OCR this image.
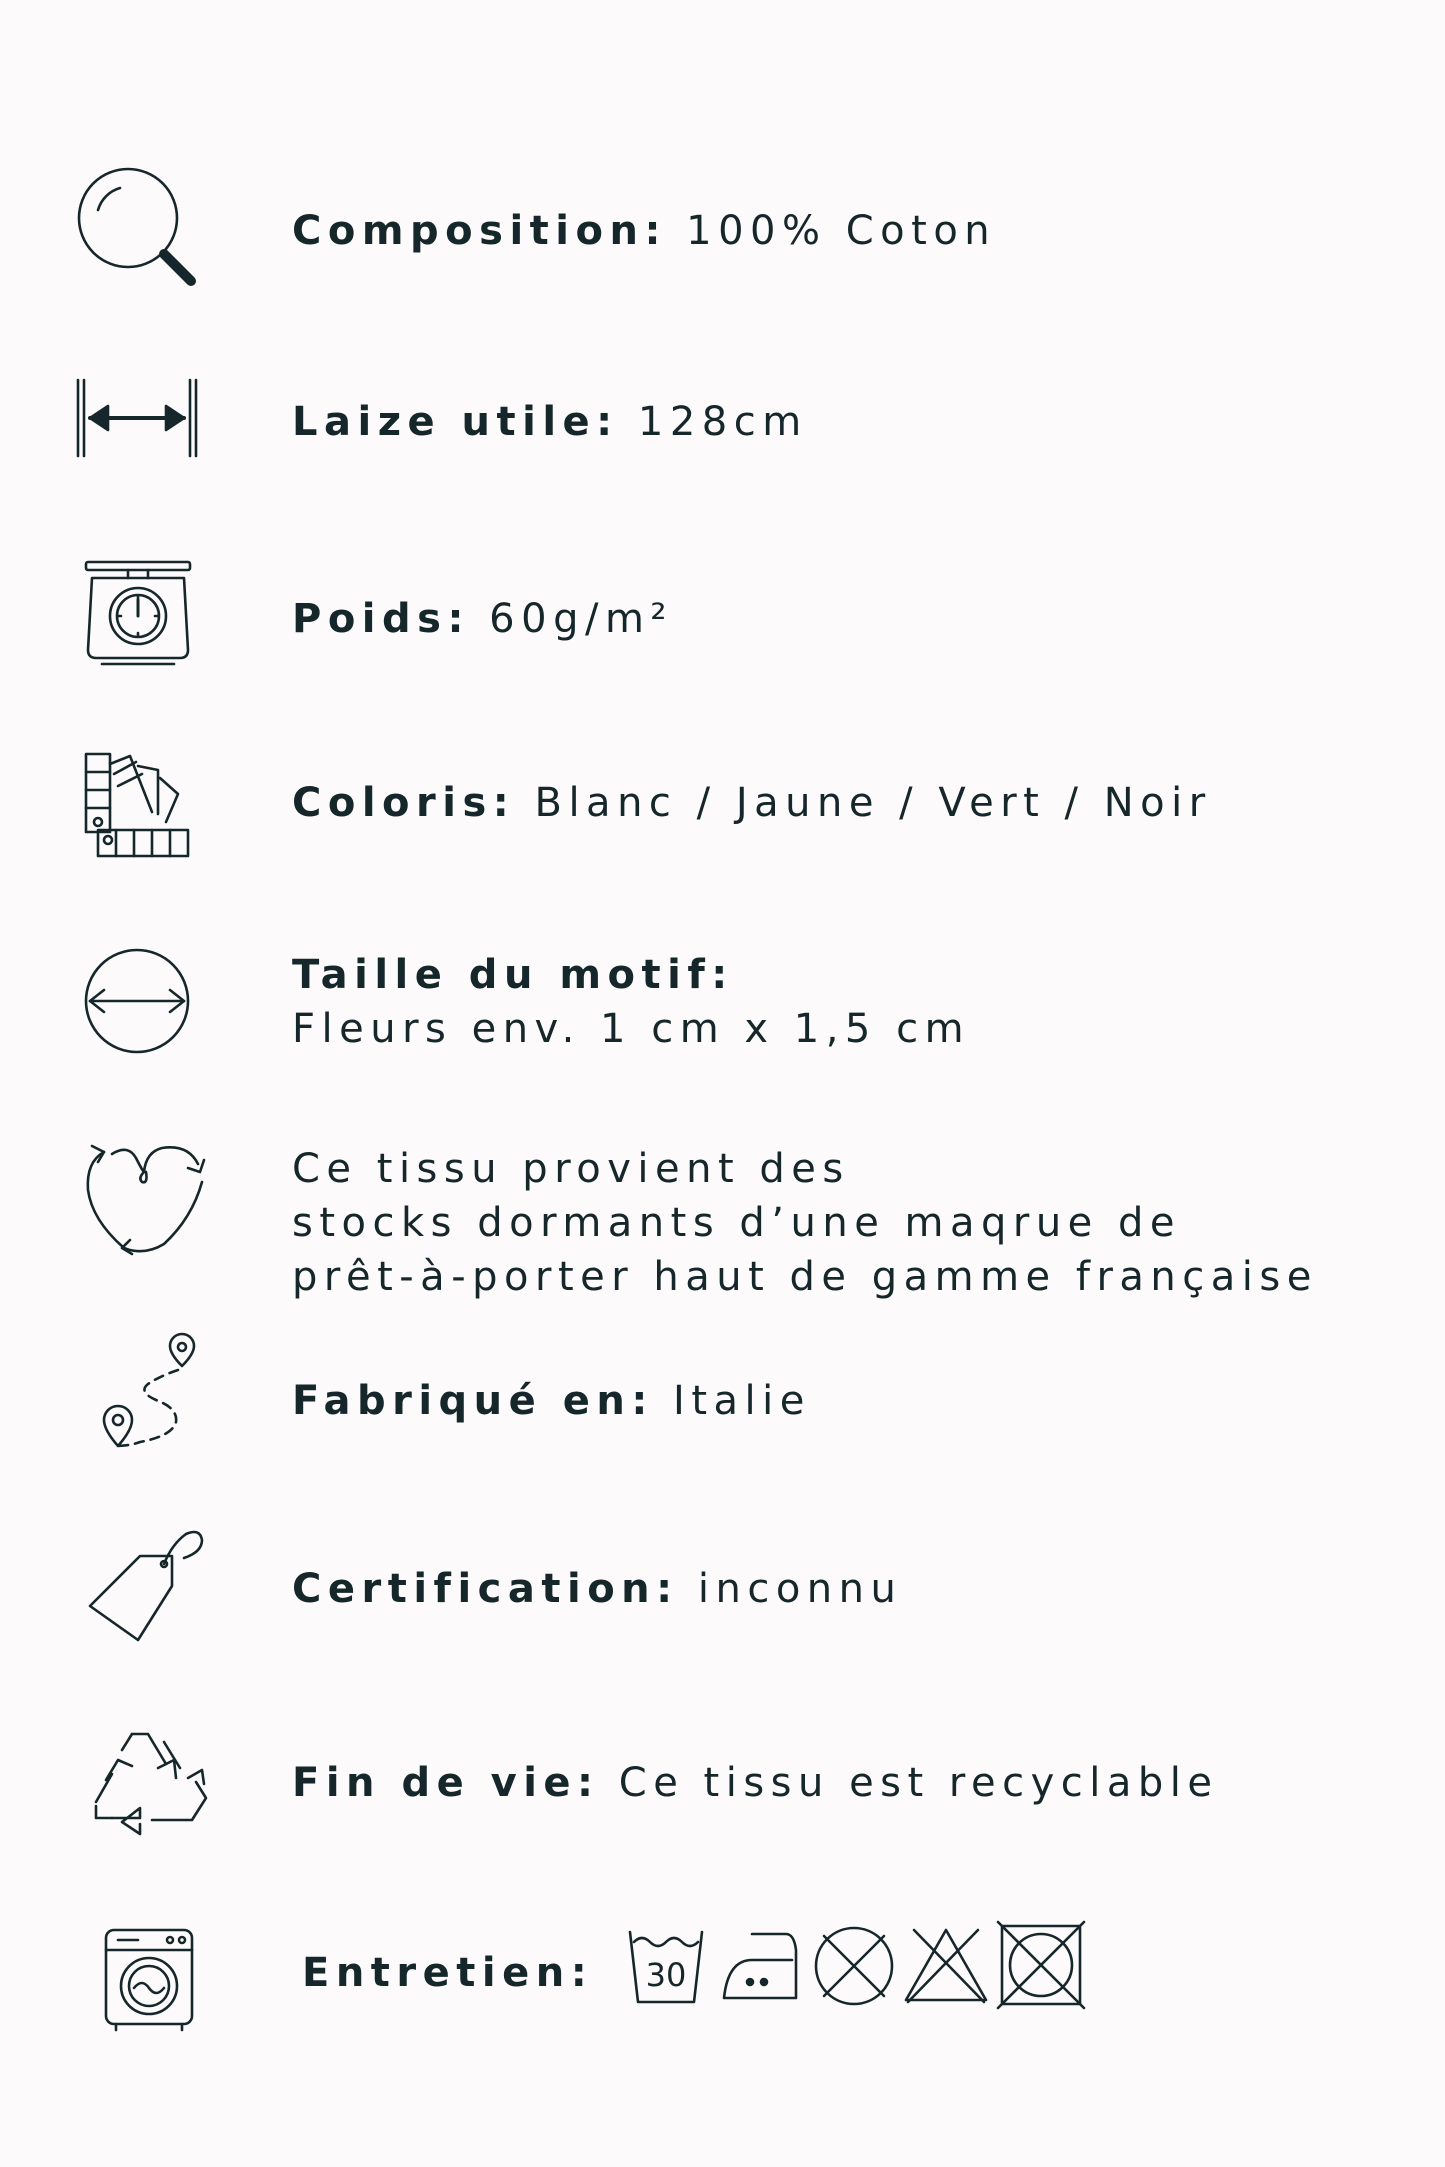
Composition: 100% Coton
Laize utile: 128cm
Poids: 60g/m²
Coloris: Blanc / Jaune / Vert / Noir
Taille du motif:
Fleurs env. 1 cm x 1,5 cm
Ce tissu provient des
stocks dormants d’une maqrue de
prêt-à-porter haut de gamme française
Fabriqué en: Italie
Certification: inconnu
Fin de vie: Ce tissu est recyclable
Entretien: 30
